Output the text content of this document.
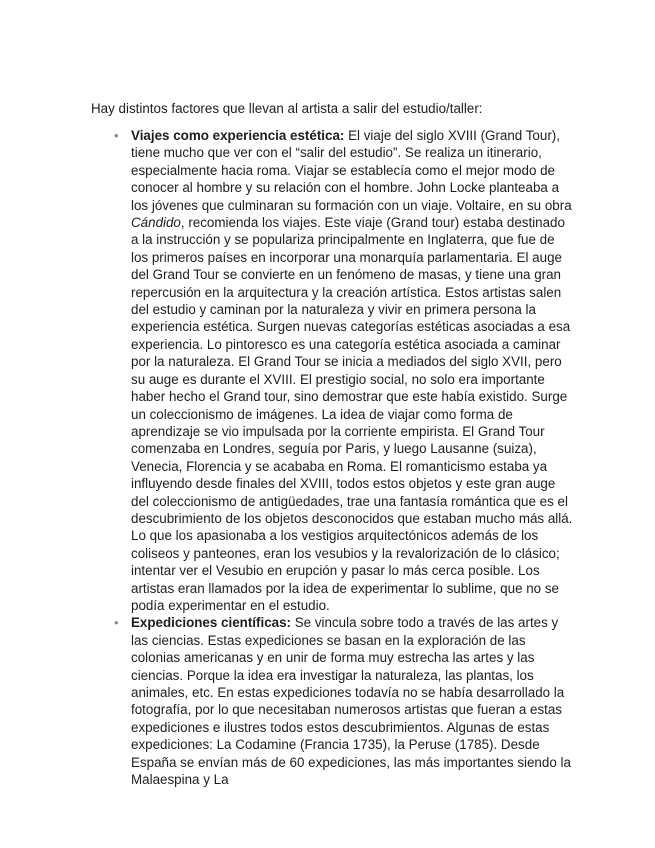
Hay distintos factores que llevan al artista a salir del estudio/taller:

• Viajes como experiencia estética: El viaje del siglo XVIII (Grand Tour), tiene mucho que ver con el “salir del estudio”. Se realiza un itinerario, especialmente hacia roma. Viajar se establecía como el mejor modo de conocer al hombre y su relación con el hombre. John Locke planteaba a los jóvenes que culminaran su formación con un viaje. Voltaire, en su obra Cándido, recomienda los viajes. Este viaje (Grand tour) estaba destinado a la instrucción y se populariza principalmente en Inglaterra, que fue de los primeros países en incorporar una monarquía parlamentaria. El auge del Grand Tour se convierte en un fenómeno de masas, y tiene una gran repercusión en la arquitectura y la creación artística. Estos artistas salen del estudio y caminan por la naturaleza y vivir en primera persona la experiencia estética. Surgen nuevas categorías estéticas asociadas a esa experiencia. Lo pintoresco es una categoría estética asociada a caminar por la naturaleza. El Grand Tour se inicia a mediados del siglo XVII, pero su auge es durante el XVIII. El prestigio social, no solo era importante haber hecho el Grand tour, sino demostrar que este había existido. Surge un coleccionismo de imágenes. La idea de viajar como forma de aprendizaje se vio impulsada por la corriente empirista. El Grand Tour comenzaba en Londres, seguía por Paris, y luego Lausanne (suiza), Venecia, Florencia y se acababa en Roma. El romanticismo estaba ya influyendo desde finales del XVIII, todos estos objetos y este gran auge del coleccionismo de antigüedades, trae una fantasía romántica que es el descubrimiento de los objetos desconocidos que estaban mucho más allá. Lo que los apasionaba a los vestigios arquitectónicos además de los coliseos y panteones, eran los vesubios y la revalorización de lo clásico; intentar ver el Vesubio en erupción y pasar lo más cerca posible. Los artistas eran llamados por la idea de experimentar lo sublime, que no se podía experimentar en el estudio.
• Expediciones científicas: Se vincula sobre todo a través de las artes y las ciencias. Estas expediciones se basan en la exploración de las colonias americanas y en unir de forma muy estrecha las artes y las ciencias. Porque la idea era investigar la naturaleza, las plantas, los animales, etc. En estas expediciones todavía no se había desarrollado la fotografía, por lo que necesitaban numerosos artistas que fueran a estas expediciones e ilustres todos estos descubrimientos. Algunas de estas expediciones: La Codamine (Francia 1735), la Peruse (1785). Desde España se envían más de 60 expediciones, las más importantes siendo la Malaespina y La
